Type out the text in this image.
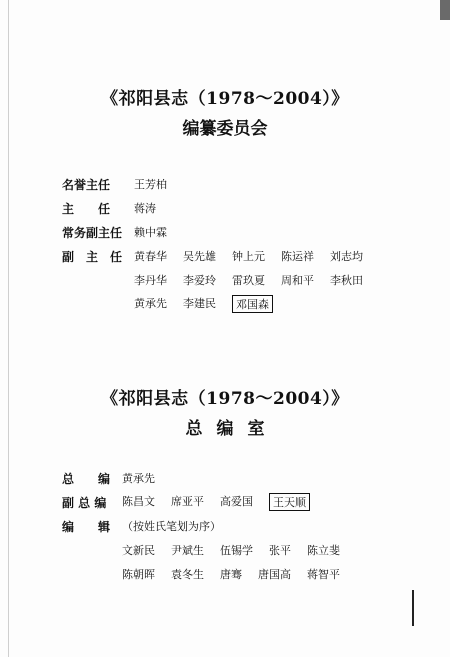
《祁阳县志（1978～2004）》
编纂委员会
名誉主任	王芳柏
主　　任	蒋涛
常务副主任	赖中霖
副　主　任	黄春华 吴先雄 钟上元 陈运祥 刘志均
李丹华 李爱玲 雷玖夏 周和平 李秋田
黄承先 李建民	邓国森
《祁阳县志（1978～2004）》
总编室
总　　编	黄承先
副 总 编	陈昌文 席亚平 高爱国	王天顺
编　　辑	（按姓氏笔划为序）
文新民 尹斌生 伍锡学 张平 陈立斐
陈朝晖 袁冬生 唐骞 唐国高 蒋智平
